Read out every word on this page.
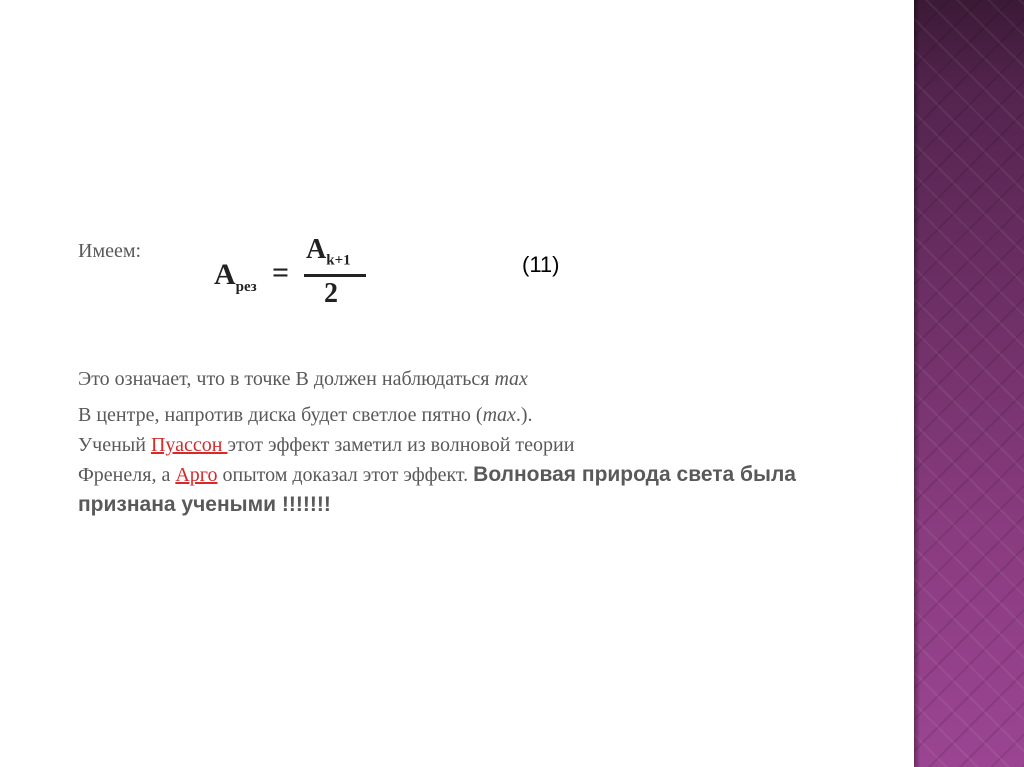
Имеем:
$A_{рез}$ =
$A_{k+1}$
2
(11)

Это означает, что в точке В должен наблюдаться max

В центре, напротив диска будет светлое пятно (max.).
Ученый Пуассон этот эффект заметил из волновой теории
Френеля, а Арго опытом доказал этот эффект. Волновая природа света была признана учеными !!!!!!!
